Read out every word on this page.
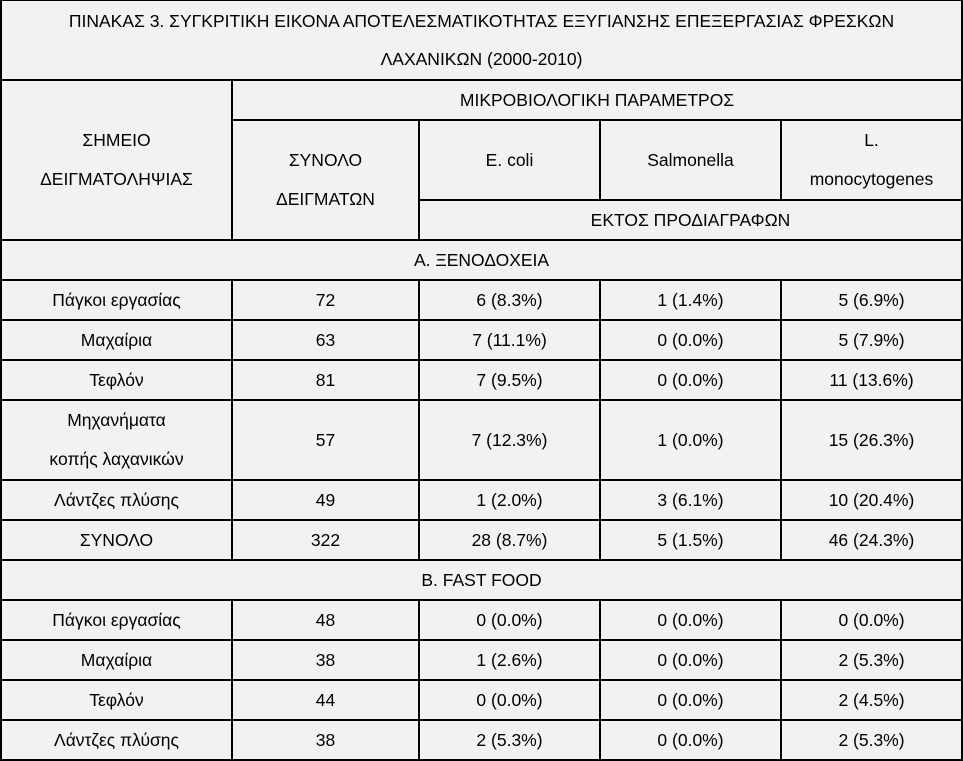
ΠΙΝΑΚΑΣ 3. ΣΥΓΚΡΙΤΙΚΗ ΕΙΚΟΝΑ ΑΠΟΤΕΛΕΣΜΑΤΙΚΟΤΗΤΑΣ ΕΞΥΓΙΑΝΣΗΣ ΕΠΕΞΕΡΓΑΣΙΑΣ ΦΡΕΣΚΩΝ
ΛΑΧΑΝΙΚΩΝ (2000-2010)				

ΣΗΜΕΙΟ
ΔΕΙΓΜΑΤΟΛΗΨΙΑΣ	ΜΙΚΡΟΒΙΟΛΟΓΙΚΗ ΠΑΡΑΜΕΤΡΟΣ			

	ΣΥΝΟΛΟ
ΔΕΙΓΜΑΤΩΝ	E. coli	Salmonella	L.
monocytogenes

		ΕΚΤΟΣ ΠΡΟΔΙΑΓΡΑΦΩΝ		
Α. ΞΕΝΟΔΟΧΕΙΑ				
Πάγκοι εργασίας	72	6 (8.3%)	1 (1.4%)	5 (6.9%)
Μαχαίρια	63	7 (11.1%)	0 (0.0%)	5 (7.9%)
Τεφλόν	81	7 (9.5%)	0 (0.0%)	11 (13.6%)

Μηχανήματα
κοπής λαχανικών	57	7 (12.3%)	1 (0.0%)	15 (26.3%)
Λάντζες πλύσης	49	1 (2.0%)	3 (6.1%)	10 (20.4%)
ΣΥΝΟΛΟ	322	28 (8.7%)	5 (1.5%)	46 (24.3%)
Β. FAST FOOD				
Πάγκοι εργασίας	48	0 (0.0%)	0 (0.0%)	0 (0.0%)
Μαχαίρια	38	1 (2.6%)	0 (0.0%)	2 (5.3%)
Τεφλόν	44	0 (0.0%)	0 (0.0%)	2 (4.5%)
Λάντζες πλύσης	38	2 (5.3%)	0 (0.0%)	2 (5.3%)
